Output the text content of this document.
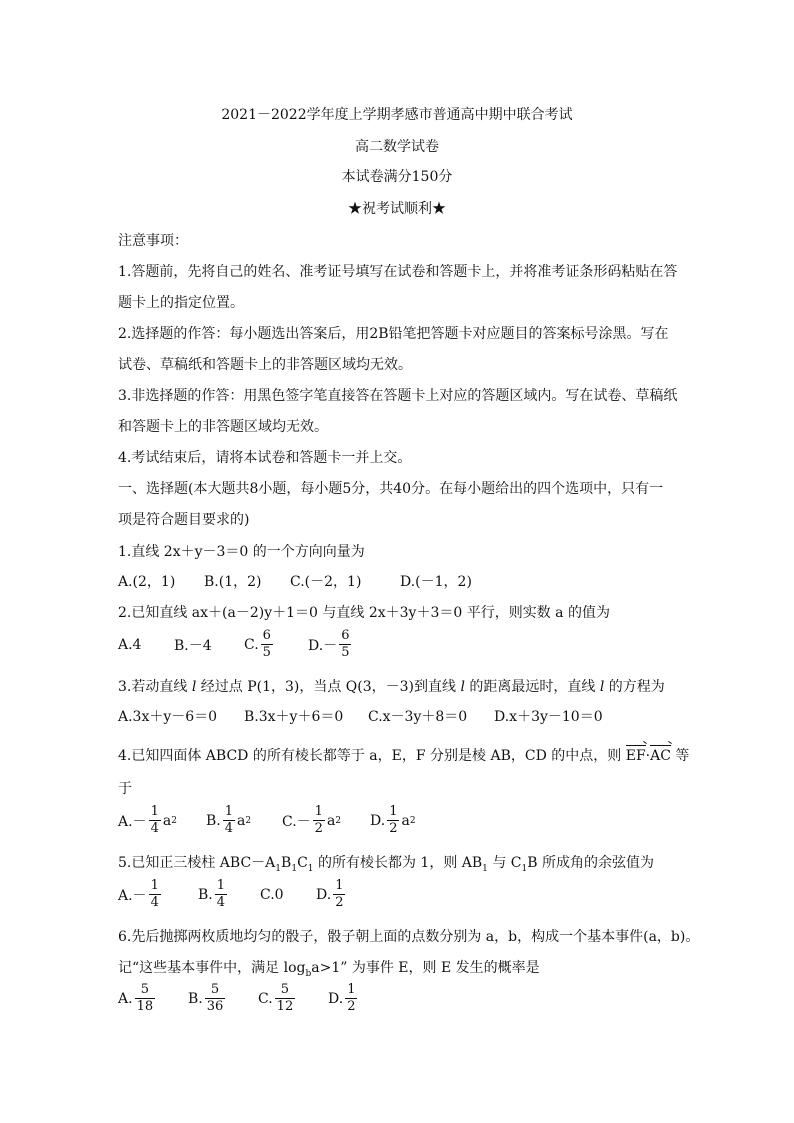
2021－2022学年度上学期孝感市普通高中期中联合考试
高二数学试卷
本试卷满分150分
★祝考试顺利★
注意事项：
1.答题前，先将自己的姓名、准考证号填写在试卷和答题卡上，并将准考证条形码粘贴在答
题卡上的指定位置。
2.选择题的作答：每小题选出答案后，用2B铅笔把答题卡对应题目的答案标号涂黑。写在
试卷、草稿纸和答题卡上的非答题区域均无效。
3.非选择题的作答：用黑色签字笔直接答在答题卡上对应的答题区域内。写在试卷、草稿纸
和答题卡上的非答题区域均无效。
4.考试结束后，请将本试卷和答题卡一并上交。
一、选择题(本大题共8小题，每小题5分，共40分。在每小题给出的四个选项中，只有一
项是符合题目要求的)
1.直线 2x＋y－3＝0 的一个方向向量为
A.(2，1)	B.(1，2)	C.(－2，1)	D.(－1，2)
2.已知直线 ax＋(a－2)y＋1＝0 与直线 2x＋3y＋3＝0 平行，则实数 a 的值为
A.4	B.－4	C. $\frac{6}{5}$	$D.- \frac{6}{5}$
3.若动直线 l 经过点 P(1，3)，当点 Q(3，－3)到直线 l 的距离最远时，直线 l 的方程为
A.3x＋y－6＝0	B.3x＋y＋6＝0	C.x－3y＋8＝0	D.x＋3y－10＝0
4.已知四面体 ABCD 的所有棱长都等于 a，E，F 分别是棱 AB，CD 的中点，则 EF·AC 等
于
$A.- \frac{1}{4}$ a 2 B. $\frac{1}{4}$ a 2 $C.- \frac{1}{2}$ a 2 D. $\frac{1}{2}$ a 2
5.已知正三棱柱 $ABC-A_1B_1C_1$ 的所有棱长都为 1，则 $AB_1$ 与 $C_1B$ 所成角的余弦值为
$A.- \frac{1}{4}$	B. $\frac{1}{4} C.0$	D. $\frac{1}{2}$
6.先后抛掷两枚质地均匀的骰子，骰子朝上面的点数分别为 a，b，构成一个基本事件(a，b)。
记“这些基本事件中，满足 $\log_ba>1$” 为事件 E，则 E 发生的概率是
A. $\frac{5}{18} B$. $\frac{5}{36} C$. $\frac{5}{12} D$. $\frac{1}{2}$
